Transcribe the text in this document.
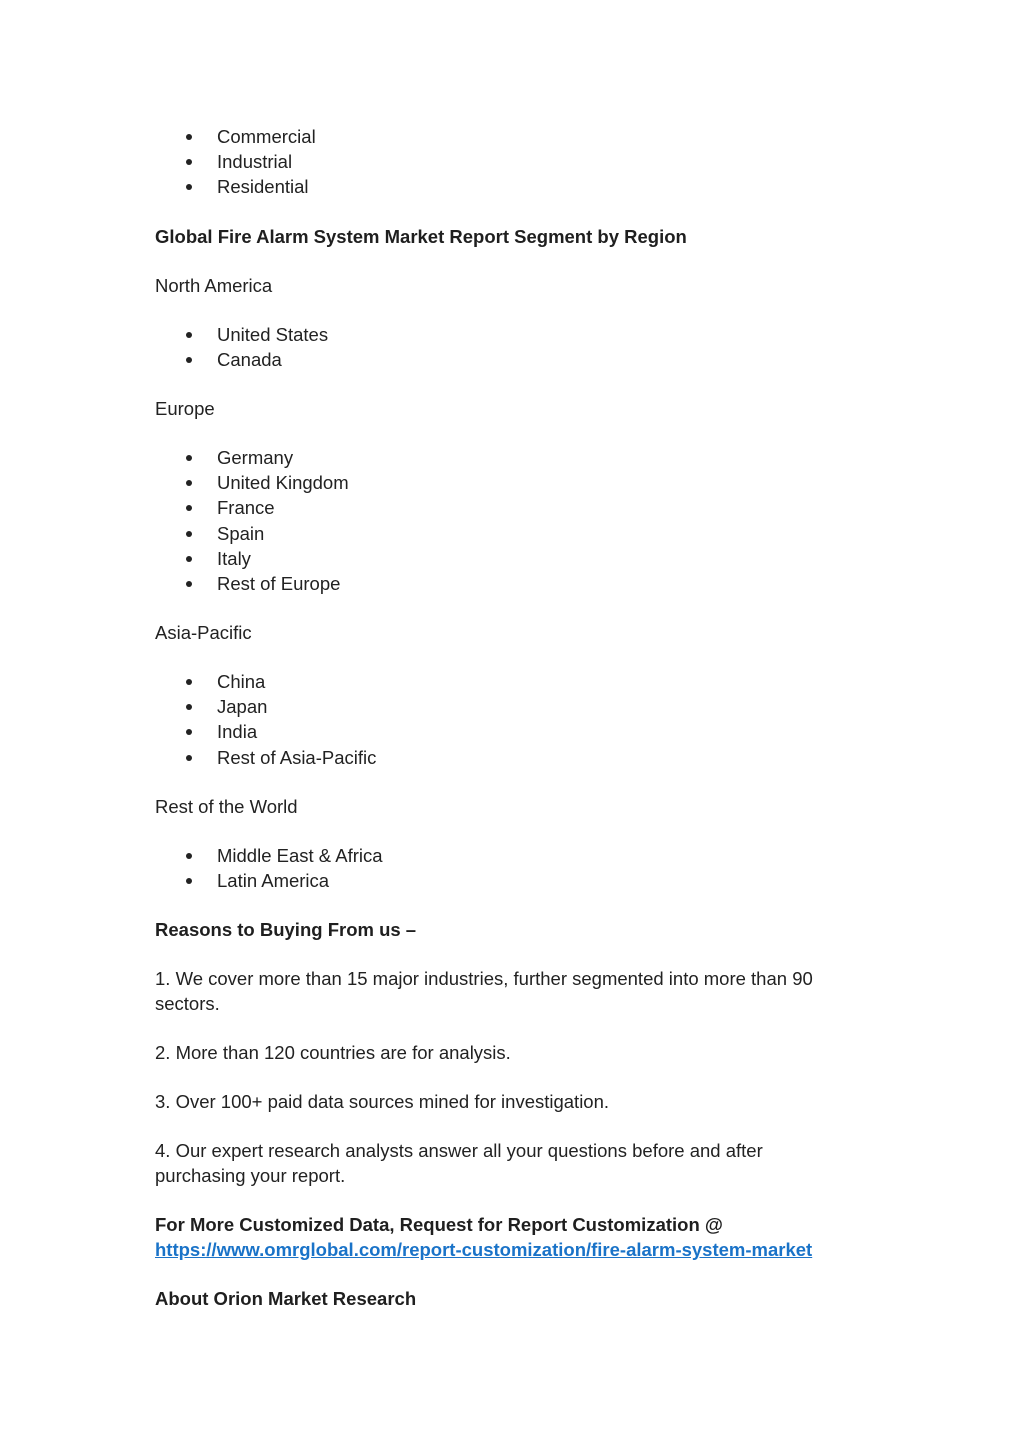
Commercial
Industrial
Residential

Global Fire Alarm System Market Report Segment by Region

North America

United States
Canada

Europe

Germany
United Kingdom
France
Spain
Italy
Rest of Europe

Asia-Pacific

China
Japan
India
Rest of Asia-Pacific

Rest of the World

Middle East & Africa
Latin America

Reasons to Buying From us –

1. We cover more than 15 major industries, further segmented into more than 90 sectors.

2. More than 120 countries are for analysis.

3. Over 100+ paid data sources mined for investigation.

4. Our expert research analysts answer all your questions before and after purchasing your report.

For More Customized Data, Request for Report Customization @

https://www.omrglobal.com/report-customization/fire-alarm-system-market

About Orion Market Research
